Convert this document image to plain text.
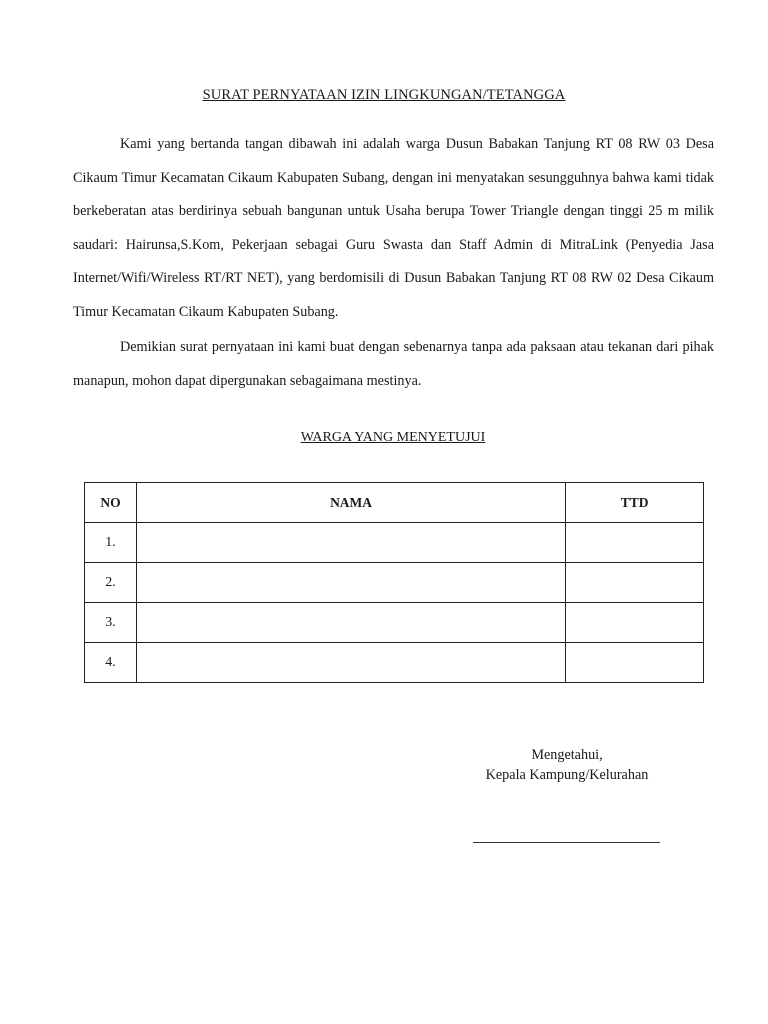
SURAT PERNYATAAN IZIN LINGKUNGAN/TETANGGA

Kami yang bertanda tangan dibawah ini adalah warga Dusun Babakan Tanjung RT 08 RW 03 Desa Cikaum Timur Kecamatan Cikaum Kabupaten Subang, dengan ini menyatakan sesungguhnya bahwa kami tidak berkeberatan atas berdirinya sebuah bangunan untuk Usaha berupa Tower Triangle dengan tinggi 25 m milik saudari: Hairunsa,S.Kom, Pekerjaan sebagai Guru Swasta dan Staff Admin di MitraLink (Penyedia Jasa Internet/Wifi/Wireless RT/RT NET), yang berdomisili di Dusun Babakan Tanjung RT 08 RW 02 Desa Cikaum Timur Kecamatan Cikaum Kabupaten Subang.

Demikian surat pernyataan ini kami buat dengan sebenarnya tanpa ada paksaan atau tekanan dari pihak manapun, mohon dapat dipergunakan sebagaimana mestinya.

WARGA YANG MENYETUJUI
NO	NAMA	TTD
1.		
2.		
3.		
4.		
Mengetahui,
Kepala Kampung/Kelurahan
